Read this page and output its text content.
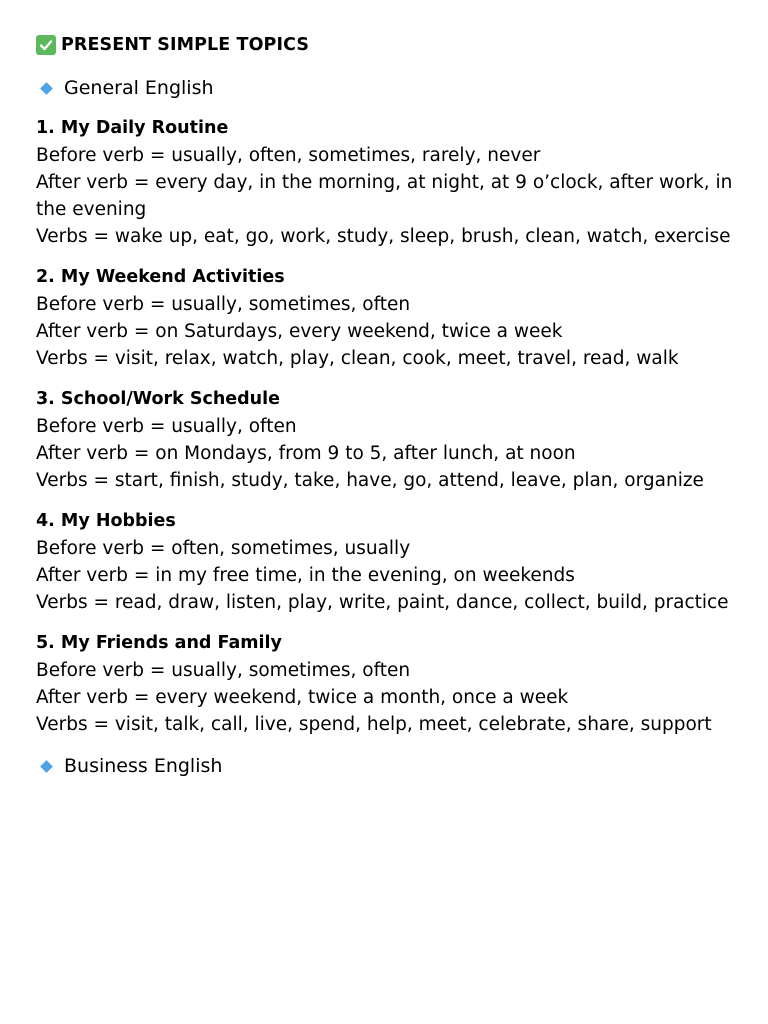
PRESENT SIMPLE TOPICS
General English
1. My Daily Routine
Before verb = usually, often, sometimes, rarely, never
After verb = every day, in the morning, at night, at 9 o’clock, after work, in the evening
Verbs = wake up, eat, go, work, study, sleep, brush, clean, watch, exercise
2. My Weekend Activities
Before verb = usually, sometimes, often
After verb = on Saturdays, every weekend, twice a week
Verbs = visit, relax, watch, play, clean, cook, meet, travel, read, walk
3. School/Work Schedule
Before verb = usually, often
After verb = on Mondays, from 9 to 5, after lunch, at noon
Verbs = start, finish, study, take, have, go, attend, leave, plan, organize
4. My Hobbies
Before verb = often, sometimes, usually
After verb = in my free time, in the evening, on weekends
Verbs = read, draw, listen, play, write, paint, dance, collect, build, practice
5. My Friends and Family
Before verb = usually, sometimes, often
After verb = every weekend, twice a month, once a week
Verbs = visit, talk, call, live, spend, help, meet, celebrate, share, support
Business English
